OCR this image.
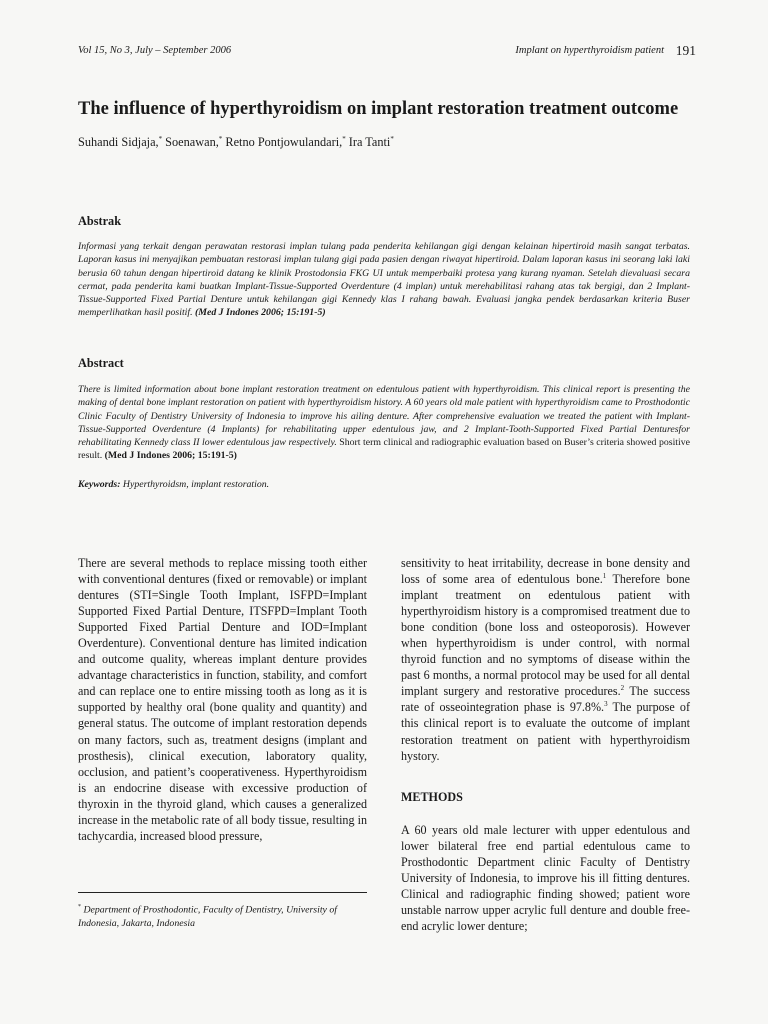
Vol 15, No 3, July – September 2006	Implant on hyperthyroidism patient 191
The influence of hyperthyroidism on implant restoration treatment outcome
Suhandi Sidjaja,* Soenawan,* Retno Pontjowulandari,* Ira Tanti*
Abstrak

Informasi yang terkait dengan perawatan restorasi implan tulang pada penderita kehilangan gigi dengan kelainan hipertiroid masih sangat terbatas. Laporan kasus ini menyajikan pembuatan restorasi implan tulang gigi pada pasien dengan riwayat hipertiroid. Dalam laporan kasus ini seorang laki laki berusia 60 tahun dengan hipertiroid datang ke klinik Prostodonsia FKG UI untuk memperbaiki protesa yang kurang nyaman. Setelah dievaluasi secara cermat, pada penderita kami buatkan Implant-Tissue-Supported Overdenture (4 implan) untuk merehabilitasi rahang atas tak bergigi, dan 2 Implant-Tissue-Supported Fixed Partial Denture untuk kehilangan gigi Kennedy klas I rahang bawah. Evaluasi jangka pendek berdasarkan kriteria Buser memperlihatkan hasil positif. (Med J Indones 2006; 15:191-5)

Abstract

There is limited information about bone implant restoration treatment on edentulous patient with hyperthyroidism. This clinical report is presenting the making of dental bone implant restoration on patient with hyperthyroidism history. A 60 years old male patient with hyperthyroidism came to Prosthodontic Clinic Faculty of Dentistry University of Indonesia to improve his ailing denture. After comprehensive evaluation we treated the patient with Implant-Tissue-Supported Overdenture (4 Implants) for rehabilitating upper edentulous jaw, and 2 Implant-Tooth-Supported Fixed Partial Denturesfor rehabilitating Kennedy class II lower edentulous jaw respectively. Short term clinical and radiographic evaluation based on Buser’s criteria showed positive result. (Med J Indones 2006; 15:191-5)

Keywords: Hyperthyroidsm, implant restoration.

There are several methods to replace missing tooth either with conventional dentures (fixed or removable) or implant dentures (STI=Single Tooth Implant, ISFPD=Implant Supported Fixed Partial Denture, ITSFPD=Implant Tooth Supported Fixed Partial Denture and IOD=Implant Overdenture). Conventional denture has limited indication and outcome quality, whereas implant denture provides advantage characteristics in function, stability, and comfort and can replace one to entire missing tooth as long as it is supported by healthy oral (bone quality and quantity) and general status. The outcome of implant restoration depends on many factors, such as, treatment designs (implant and prosthesis), clinical execution, laboratory quality, occlusion, and patient’s cooperativeness. Hyperthyroidism is an endocrine disease with excessive production of thyroxin in the thyroid gland, which causes a generalized increase in the metabolic rate of all body tissue, resulting in tachycardia, increased blood pressure,

sensitivity to heat irritability, decrease in bone density and loss of some area of edentulous bone.$^1$ Therefore bone implant treatment on edentulous patient with hyperthyroidism history is a compromised treatment due to bone condition (bone loss and osteoporosis). However when hyperthyroidism is under control, with normal thyroid function and no symptoms of disease within the past 6 months, a normal protocol may be used for all dental implant surgery and restorative procedures.$^2$ The success rate of osseointegration phase is 97.8%.$^3$ The purpose of this clinical report is to evaluate the outcome of implant restoration treatment on patient with hyperthyroidism hystory.

METHODS

A 60 years old male lecturer with upper edentulous and lower bilateral free end partial edentulous came to Prosthodontic Department clinic Faculty of Dentistry University of Indonesia, to improve his ill fitting dentures. Clinical and radiographic finding showed; patient wore unstable narrow upper acrylic full denture and double free-end acrylic lower denture;

* Department of Prosthodontic, Faculty of Dentistry, University of Indonesia, Jakarta, Indonesia
